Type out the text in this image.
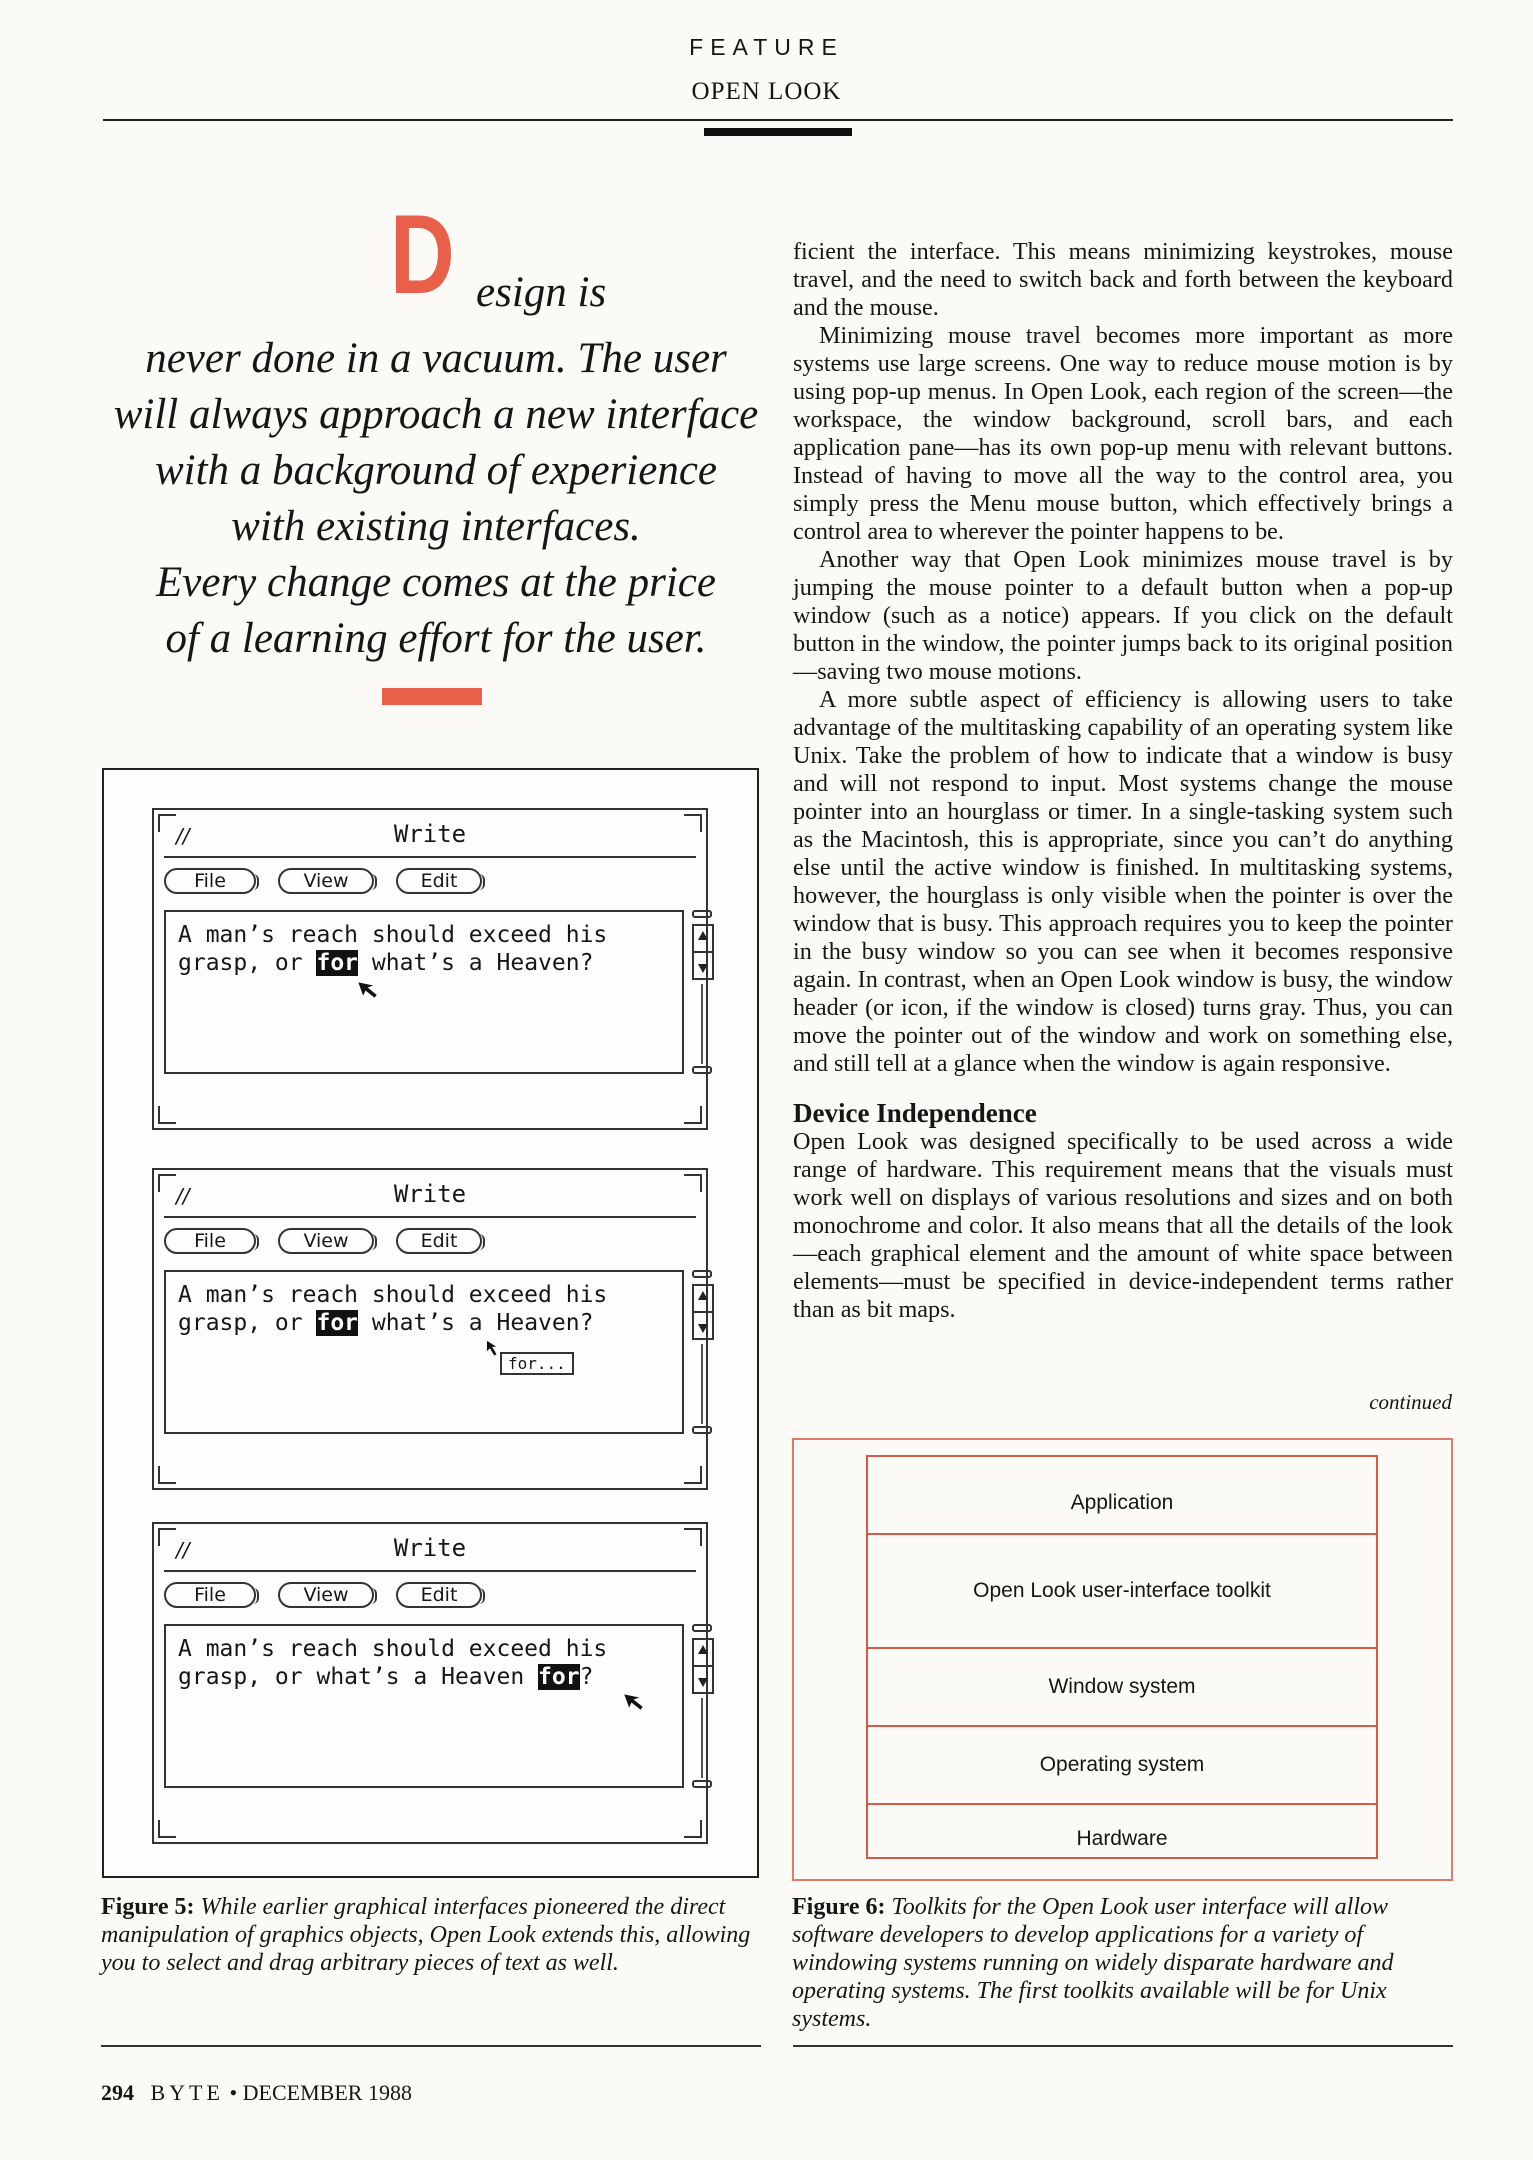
FEATURE
OPEN LOOK
D esign is
never done in a vacuum. The user
will always approach a new interface
with a background of experience
with existing interfaces.
Every change comes at the price
of a learning effort for the user.

ficient the interface. This means minimizing keystrokes, mouse travel, and the need to switch back and forth between the keyboard and the mouse.

Minimizing mouse travel becomes more important as more systems use large screens. One way to reduce mouse motion is by using pop-up menus. In Open Look, each region of the screen—the workspace, the window background, scroll bars, and each application pane—has its own pop-up menu with relevant buttons. Instead of having to move all the way to the control area, you simply press the Menu mouse button, which effectively brings a control area to wherever the pointer happens to be.

Another way that Open Look minimizes mouse travel is by jumping the mouse pointer to a default button when a pop-up window (such as a notice) appears. If you click on the default button in the window, the pointer jumps back to its original position—saving two mouse motions.

A more subtle aspect of efficiency is allowing users to take advantage of the multitasking capability of an operating system like Unix. Take the problem of how to indicate that a window is busy and will not respond to input. Most systems change the mouse pointer into an hourglass or timer. In a single-tasking system such as the Macintosh, this is appropriate, since you can’t do anything else until the active window is finished. In multitasking systems, however, the hourglass is only visible when the pointer is over the window that is busy. This approach requires you to keep the pointer in the busy window so you can see when it becomes responsive again. In contrast, when an Open Look window is busy, the window header (or icon, if the window is closed) turns gray. Thus, you can move the pointer out of the window and work on something else, and still tell at a glance when the window is again responsive.

Device Independence

Open Look was designed specifically to be used across a wide range of hardware. This requirement means that the visuals must work well on displays of various resolutions and sizes and on both monochrome and color. It also means that all the details of the look—each graphical element and the amount of white space between elements—must be specified in device-independent terms rather than as bit maps.

continued
//	Write
File	View	Edit
A man’s reach should exceed his
grasp, or for what’s a Heaven?
//	Write
File	View	Edit
A man’s reach should exceed his
grasp, or for what’s a Heaven?
for...
//	Write
File	View	Edit
A man’s reach should exceed his
grasp, or what’s a Heaven for?
Figure 5: While earlier graphical interfaces pioneered the direct manipulation of graphics objects, Open Look extends this, allowing you to select and drag arbitrary pieces of text as well.
Application
Open Look user-interface toolkit
Window system
Operating system
Hardware
Figure 6: Toolkits for the Open Look user interface will allow software developers to develop applications for a variety of windowing systems running on widely disparate hardware and operating systems. The first toolkits available will be for Unix systems.
294 BYTE • DECEMBER 1988
